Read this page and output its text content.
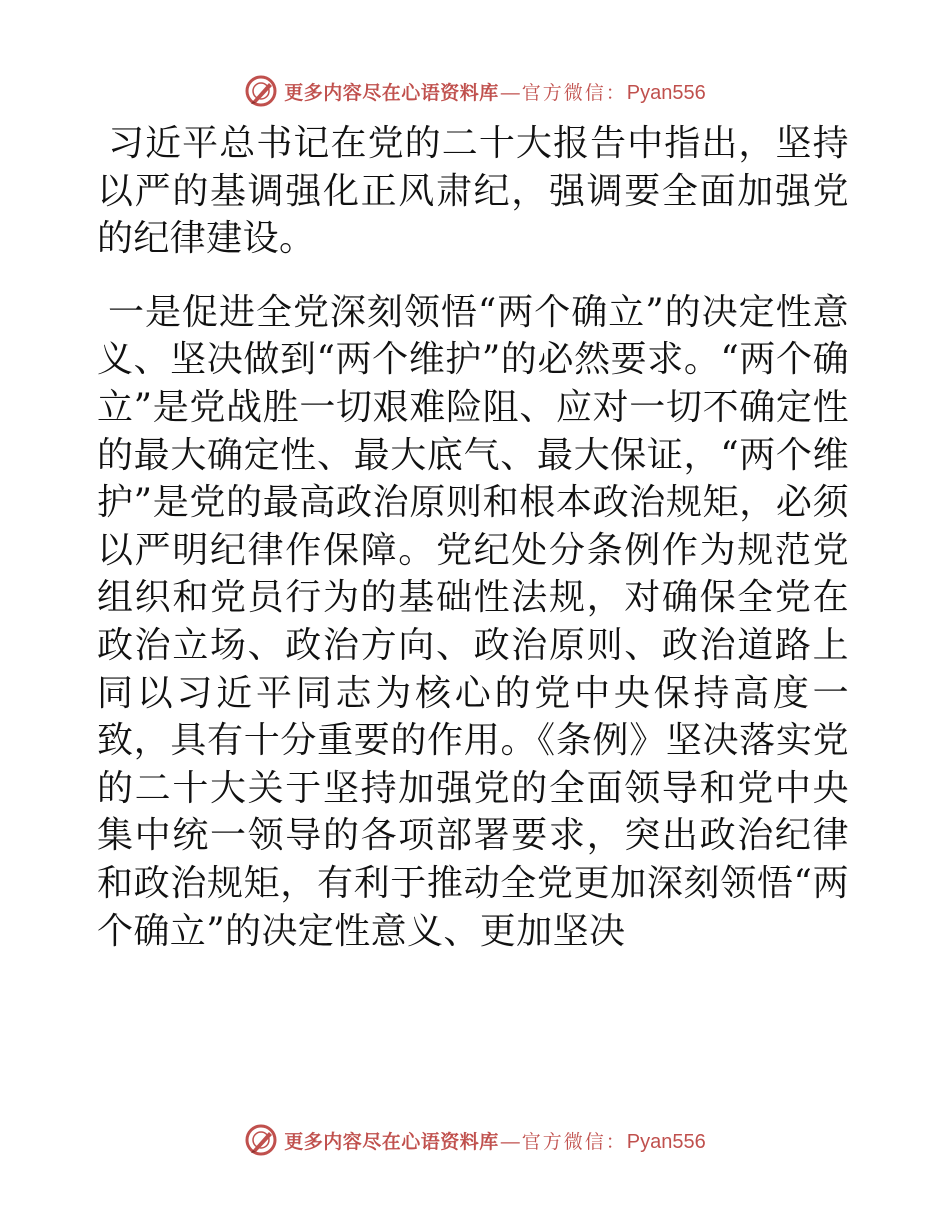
更多内容尽在心语资料库 — 官方微信： Pyan556

习近平总书记在党的二十大报告中指出，坚持以严的基调强化正风肃纪，强调要全面加强党的纪律建设。

一是促进全党深刻领悟“两个确立”的决定性意义、坚决做到“两个维护”的必然要求。“两个确立”是党战胜一切艰难险阻、应对一切不确定性的最大确定性、最大底气、最大保证，“两个维护”是党的最高政治原则和根本政治规矩，必须以严明纪律作保障。党纪处分条例作为规范党组织和党员行为的基础性法规，对确保全党在政治立场、政治方向、政治原则、政治道路上同以习近平同志为核心的党中央保持高度一致，具有十分重要的作用。《条例》坚决落实党的二十大关于坚持加强党的全面领导和党中央集中统一领导的各项部署要求，突出政治纪律和政治规矩，有利于推动全党更加深刻领悟“两个确立”的决定性意义、更加坚决

更多内容尽在心语资料库 — 官方微信： Pyan556
